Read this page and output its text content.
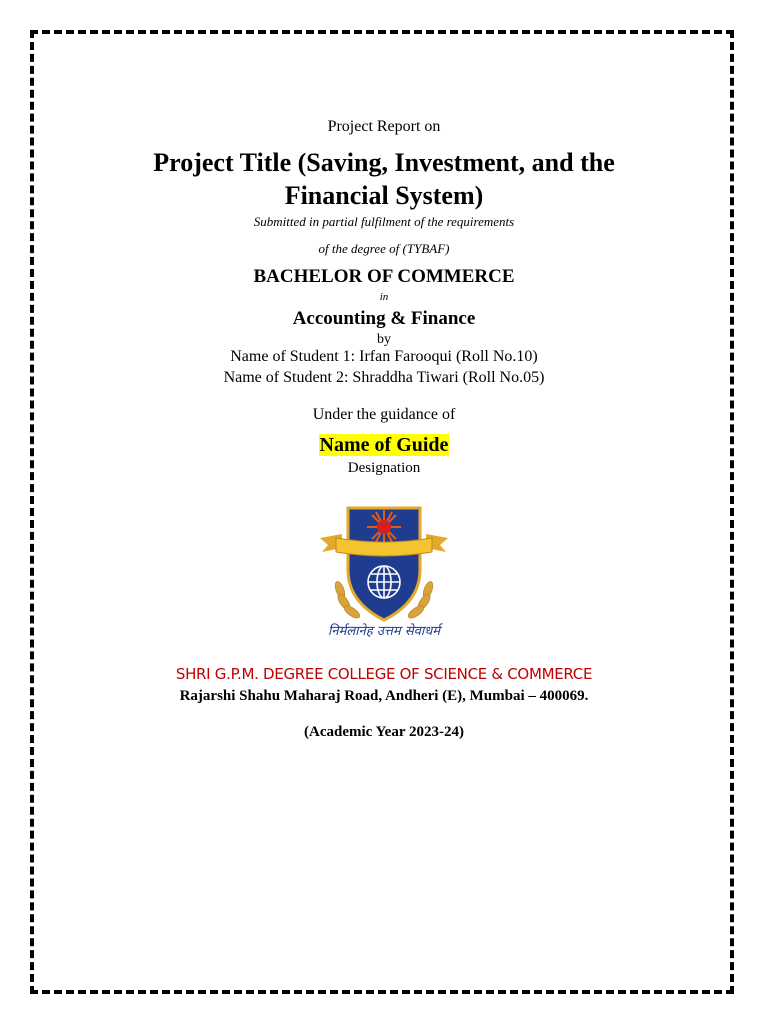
Project Report on
Project Title (Saving, Investment, and the
Financial System)
Submitted in partial fulfilment of the requirements
of the degree of (TYBAF)
BACHELOR OF COMMERCE
in
Accounting & Finance
by
Name of Student 1: Irfan Farooqui (Roll No.10)
Name of Student 2: Shraddha Tiwari (Roll No.05)
Under the guidance of
Name of Guide
Designation
निर्मलानेह उत्तम सेवाधर्म
SHRI G.P.M. DEGREE COLLEGE OF SCIENCE & COMMERCE
Rajarshi Shahu Maharaj Road, Andheri (E), Mumbai – 400069.
(Academic Year 2023-24)
